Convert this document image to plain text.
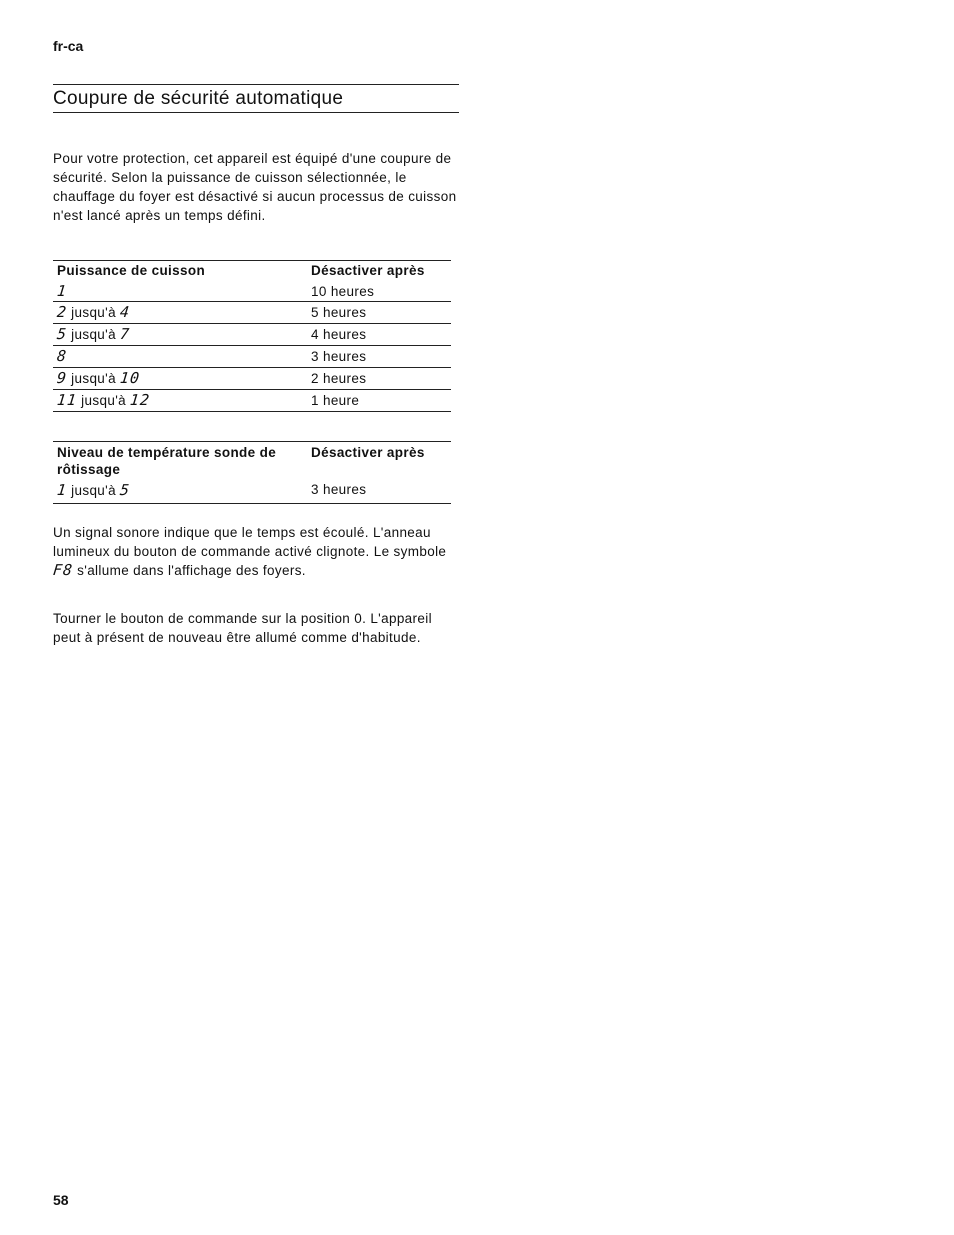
fr-ca
Coupure de sécurité automatique
Pour votre protection, cet appareil est équipé d'une coupure de sécurité. Selon la puissance de cuisson sélectionnée, le chauffage du foyer est désactivé si aucun processus de cuisson n'est lancé après un temps défini.
Puissance de cuisson	Désactiver après
1	10 heures
2 jusqu'à 4	5 heures
5 jusqu'à 7	4 heures
8	3 heures
9 jusqu'à 10	2 heures
11 jusqu'à 12	1 heure
Niveau de température sonde de rôtissage	Désactiver après
1 jusqu'à 5	3 heures
Un signal sonore indique que le temps est écoulé. L'anneau lumineux du bouton de commande activé clignote. Le symbole F8 s'allume dans l'affichage des foyers.
Tourner le bouton de commande sur la position 0. L'appareil peut à présent de nouveau être allumé comme d'habitude.
58
